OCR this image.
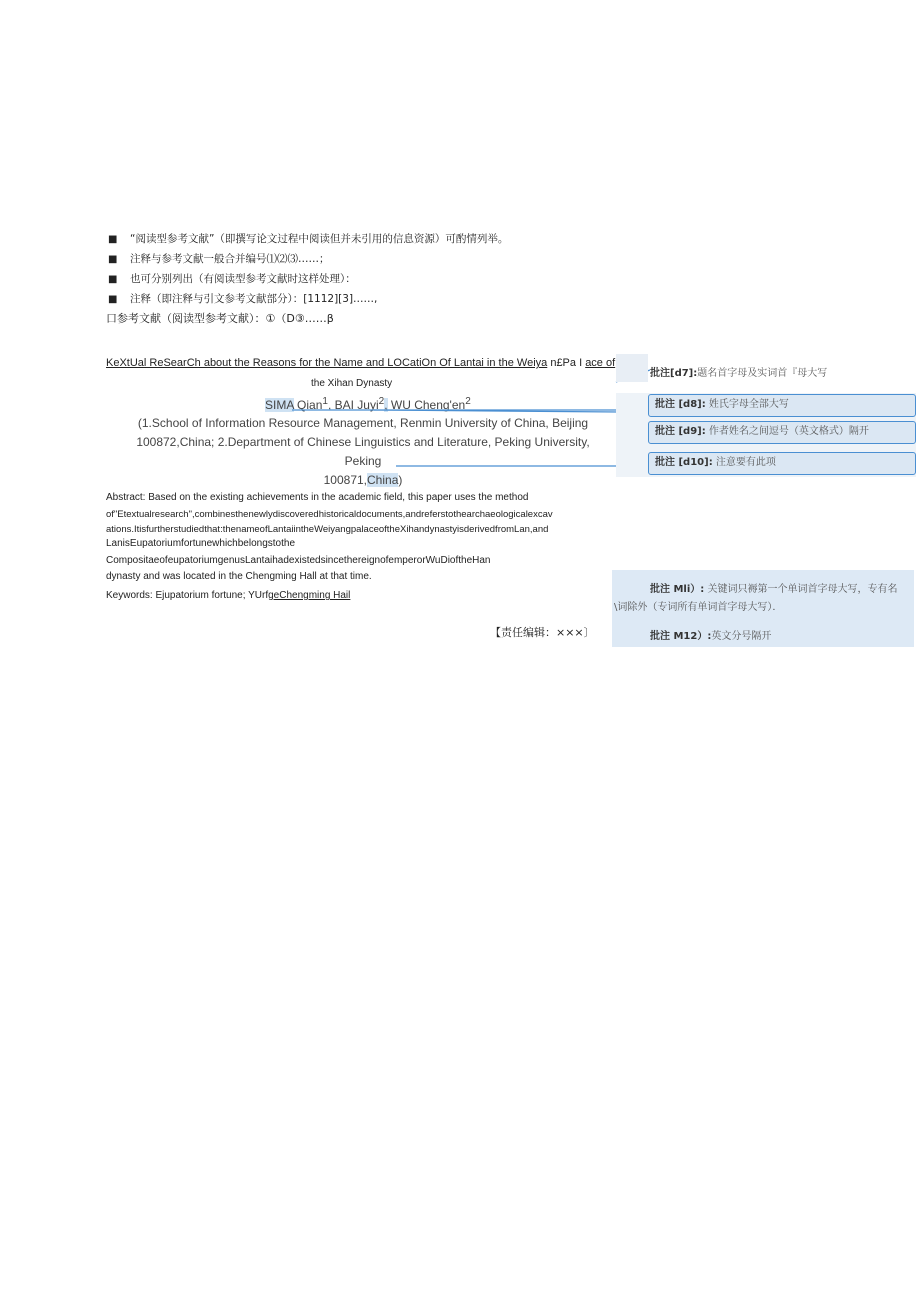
■ “阅读型参考文献”（即撰写论文过程中阅读但并未引用的信息资源）可酌情列举。
■ 注释与参考文献一般合并编号⑴⑵⑶……；
■ 也可分别列出（有阅读型参考文献时这样处理）：
■ 注释（即注释与引文参考文献部分）：[1112][3]……,
口参考文献（阅读型参考文献）：①（D③……β
KeXtUal ReSearCh about the Reasons for the Name and LOCatiOn Of Lantai in the Weiya n£Pa I ace of
the Xihan Dynasty
SIMA Qian$^1$, BAI Juyi$^2$, WU $Cheng'en^2$
(1.School of Information Resource Management, Renmin University of China, Beijing
100872,China; 2.Department of Chinese Linguistics and Literature, Peking University, Peking
100871,China)
Abstract: Based on the existing achievements in the academic field, this paper uses the method
of"Etextualresearch",combinesthenewlydiscoveredhistoricaldocuments,andreferstothearchaeologicalexcav
ations.Itisfurtherstudiedthat:thenameofLantaiintheWeiyangpalaceoftheXihandynastyisderivedfromLan,and
LanisEupatoriumfortunewhichbelongstothe
CompositaeofeupatoriumgenusLantaihadexistedsincethereignofemperorWuDioftheHan
dynasty and was located in the Chengming Hall at that time.
Keywords: Ejupatorium fortune; YUrfgeChengming Hail
【责任编辑：×××〕
批注[d7]:题名首字母及实词首『母大写
批注 [d8]: 姓氏字母全部大写
批注 [d9]: 作者姓名之间逗号（英文格式）隔开
批注 [d10]: 注意要有此项
批注 Mli）: 关键词只褥第一个单词首字母大写，专有名
\词除外（专词所有单词首字母大写）．
批注 M12）:英文分号隔开
